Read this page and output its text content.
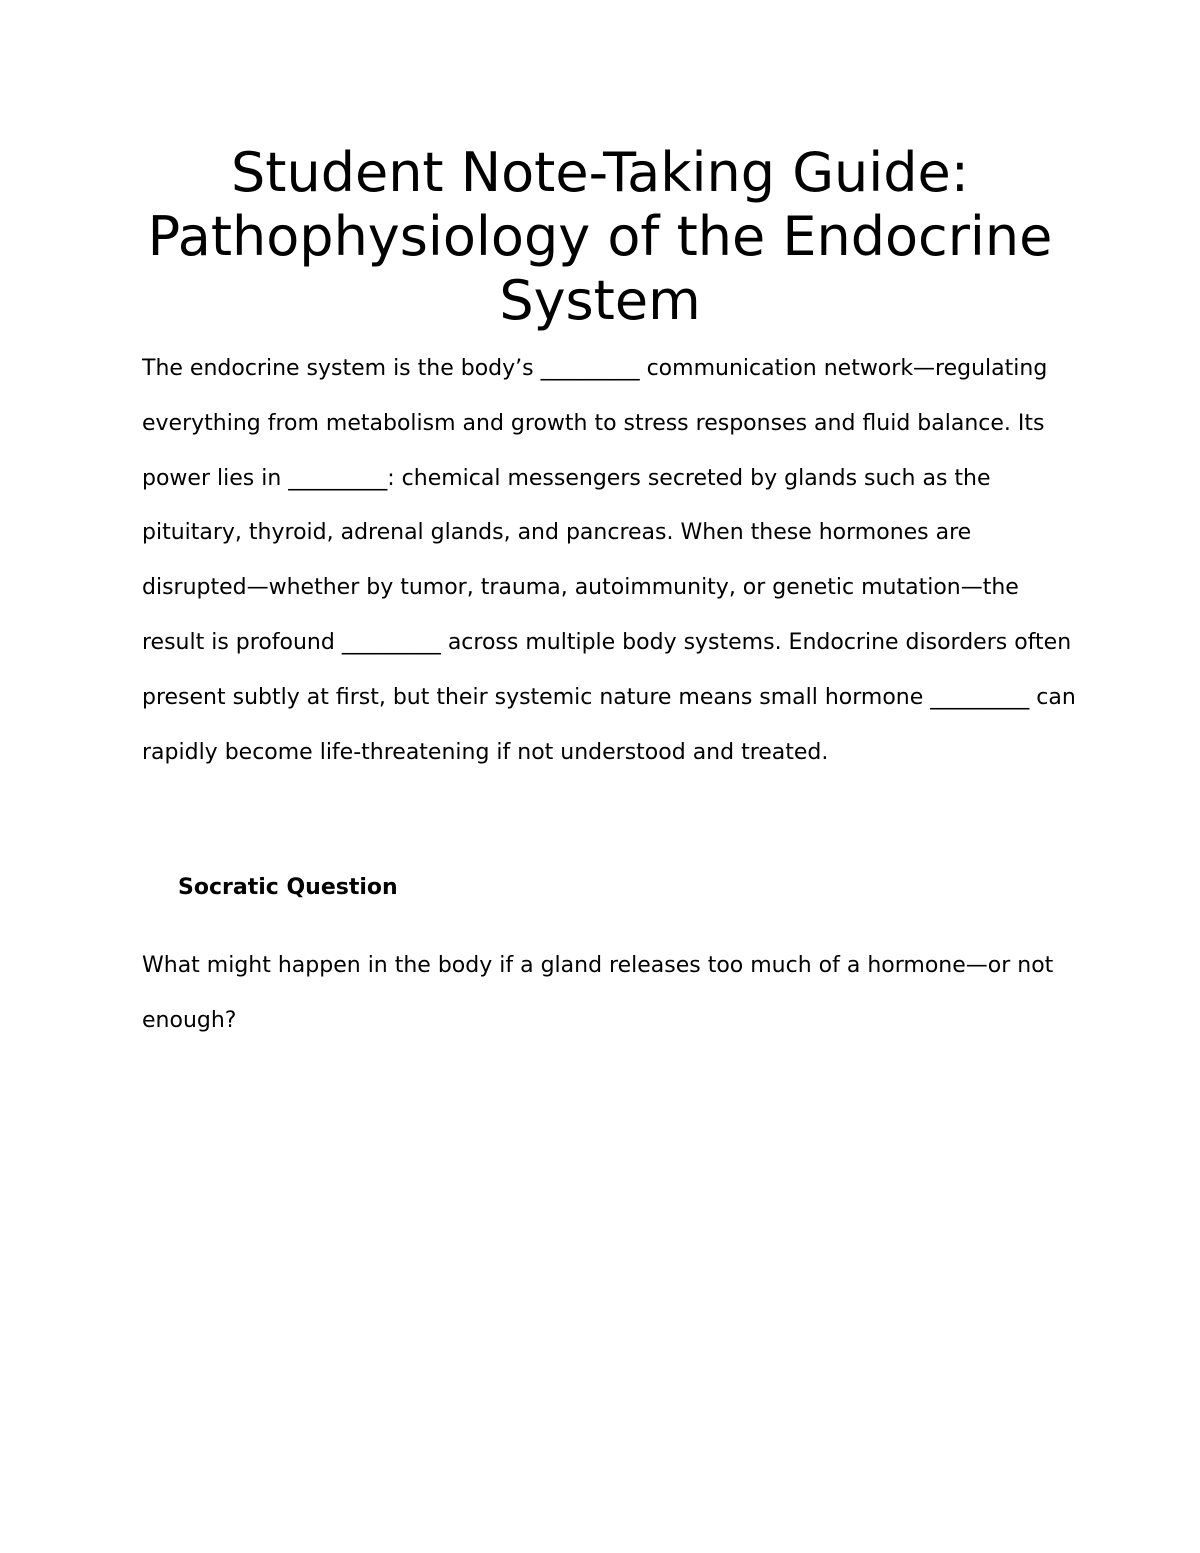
Student Note-Taking Guide: Pathophysiology of the Endocrine System

The endocrine system is the body’s _________ communication network—regulating everything from metabolism and growth to stress responses and fluid balance. Its power lies in _________: chemical messengers secreted by glands such as the pituitary, thyroid, adrenal glands, and pancreas. When these hormones are disrupted—whether by tumor, trauma, autoimmunity, or genetic mutation—the result is profound _________ across multiple body systems. Endocrine disorders often present subtly at first, but their systemic nature means small hormone _________ can rapidly become life-threatening if not understood and treated.

Socratic Question

What might happen in the body if a gland releases too much of a hormone—or not enough?
